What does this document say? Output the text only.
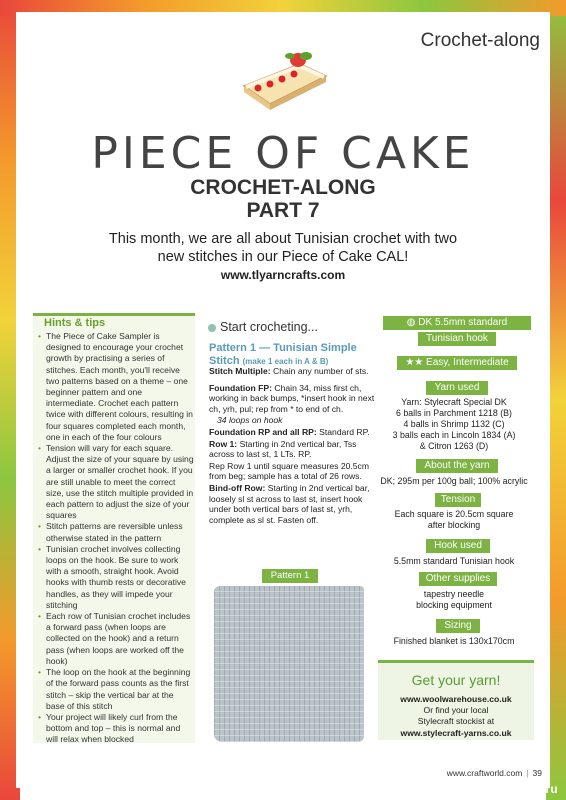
Crochet-along
PIECE OF CAKE
CROCHET-ALONG
PART 7

This month, we are all about Tunisian crochet with two new stitches in our Piece of Cake CAL!

www.tlyarncrafts.com
Hints & tips
• The Piece of Cake Sampler is designed to encourage your crochet growth by practising a series of stitches. Each month, you'll receive two patterns based on a theme – one beginner pattern and one intermediate. Crochet each pattern twice with different colours, resulting in four squares completed each month, one in each of the four colours
• Tension will vary for each square. Adjust the size of your square by using a larger or smaller crochet hook. If you are still unable to meet the correct size, use the stitch multiple provided in each pattern to adjust the size of your squares
• Stitch patterns are reversible unless otherwise stated in the pattern
• Tunisian crochet involves collecting loops on the hook. Be sure to work with a smooth, straight hook. Avoid hooks with thumb rests or decorative handles, as they will impede your stitching
• Each row of Tunisian crochet includes a forward pass (when loops are collected on the hook) and a return pass (when loops are worked off the hook)
• The loop on the hook at the beginning of the forward pass counts as the first stitch – skip the vertical bar at the base of this stitch
• Your project will likely curl from the bottom and top – this is normal and will relax when blocked
Start crocheting...
Pattern 1 — Tunisian Simple Stitch (make 1 each in A & B)

Stitch Multiple: Chain any number of sts.

Foundation FP: Chain 34, miss first ch, working in back bumps, *insert hook in next ch, yrh, pul; rep from * to end of ch.

34 loops on hook

Foundation RP and all RP: Standard RP.

Row 1: Starting in 2nd vertical bar, Tss across to last st, 1 LTs. RP.

Rep Row 1 until square measures 20.5cm from beg; sample has a total of 26 rows.

Bind-off Row: Starting in 2nd vertical bar, loosely sl st across to last st, insert hook under both vertical bars of last st, yrh, complete as sl st. Fasten off.

Pattern 1
◍ DK 5.5mm standard
Tunisian hook
★★ Easy, Intermediate
Yarn used
Yarn: Stylecraft Special DK
6 balls in Parchment 1218 (B)
4 balls in Shrimp 1132 (C)
3 balls each in Lincoln 1834 (A)
& Citron 1263 (D)
About the yarn
DK; 295m per 100g ball; 100% acrylic
Tension
Each square is 20.5cm square
after blocking
Hook used
5.5mm standard Tunisian hook
Other supplies
tapestry needle
blocking equipment
Sizing
Finished blanket is 130x170cm
Get your yarn!
www.woolwarehouse.co.uk
Or find your local
Stylecraft stockist at
www.stylecraft-yarns.co.uk
www.craftworld.com | 39
PassionForum.ru
